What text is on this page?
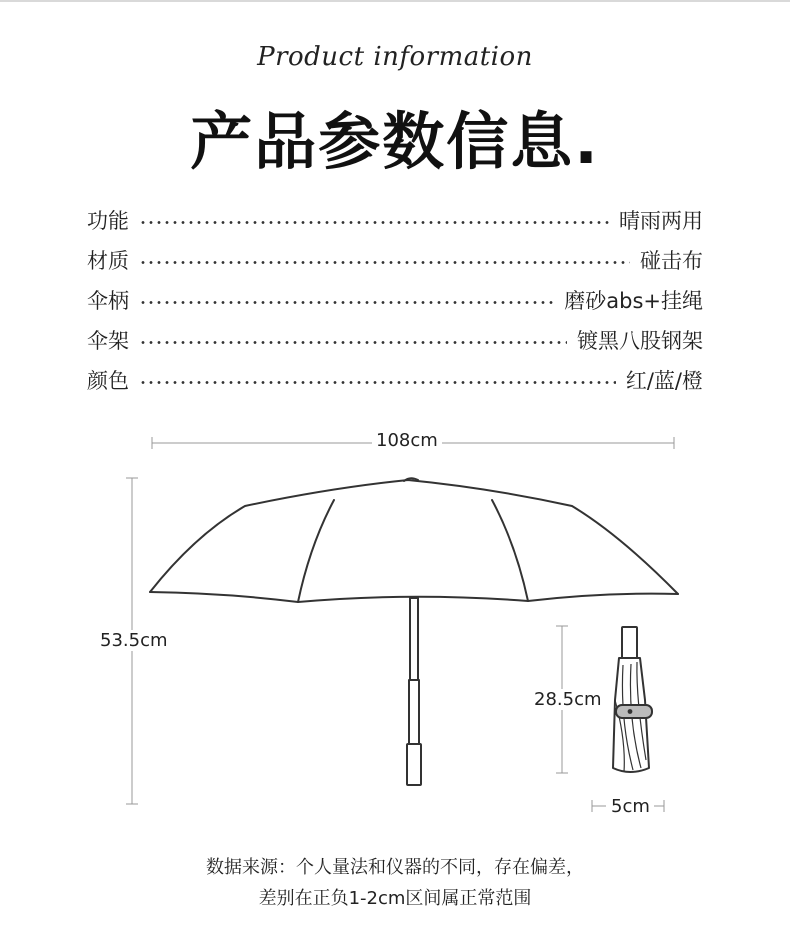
Product information
产品参数信息.
功能	晴雨两用
材质	碰击布
伞柄	磨砂abs+挂绳
伞架	镀黑八股钢架
颜色	红/蓝/橙
108cm
53.5cm
28.5cm
5cm
数据来源：个人量法和仪器的不同，存在偏差，
差别在正负1-2cm区间属正常范围
